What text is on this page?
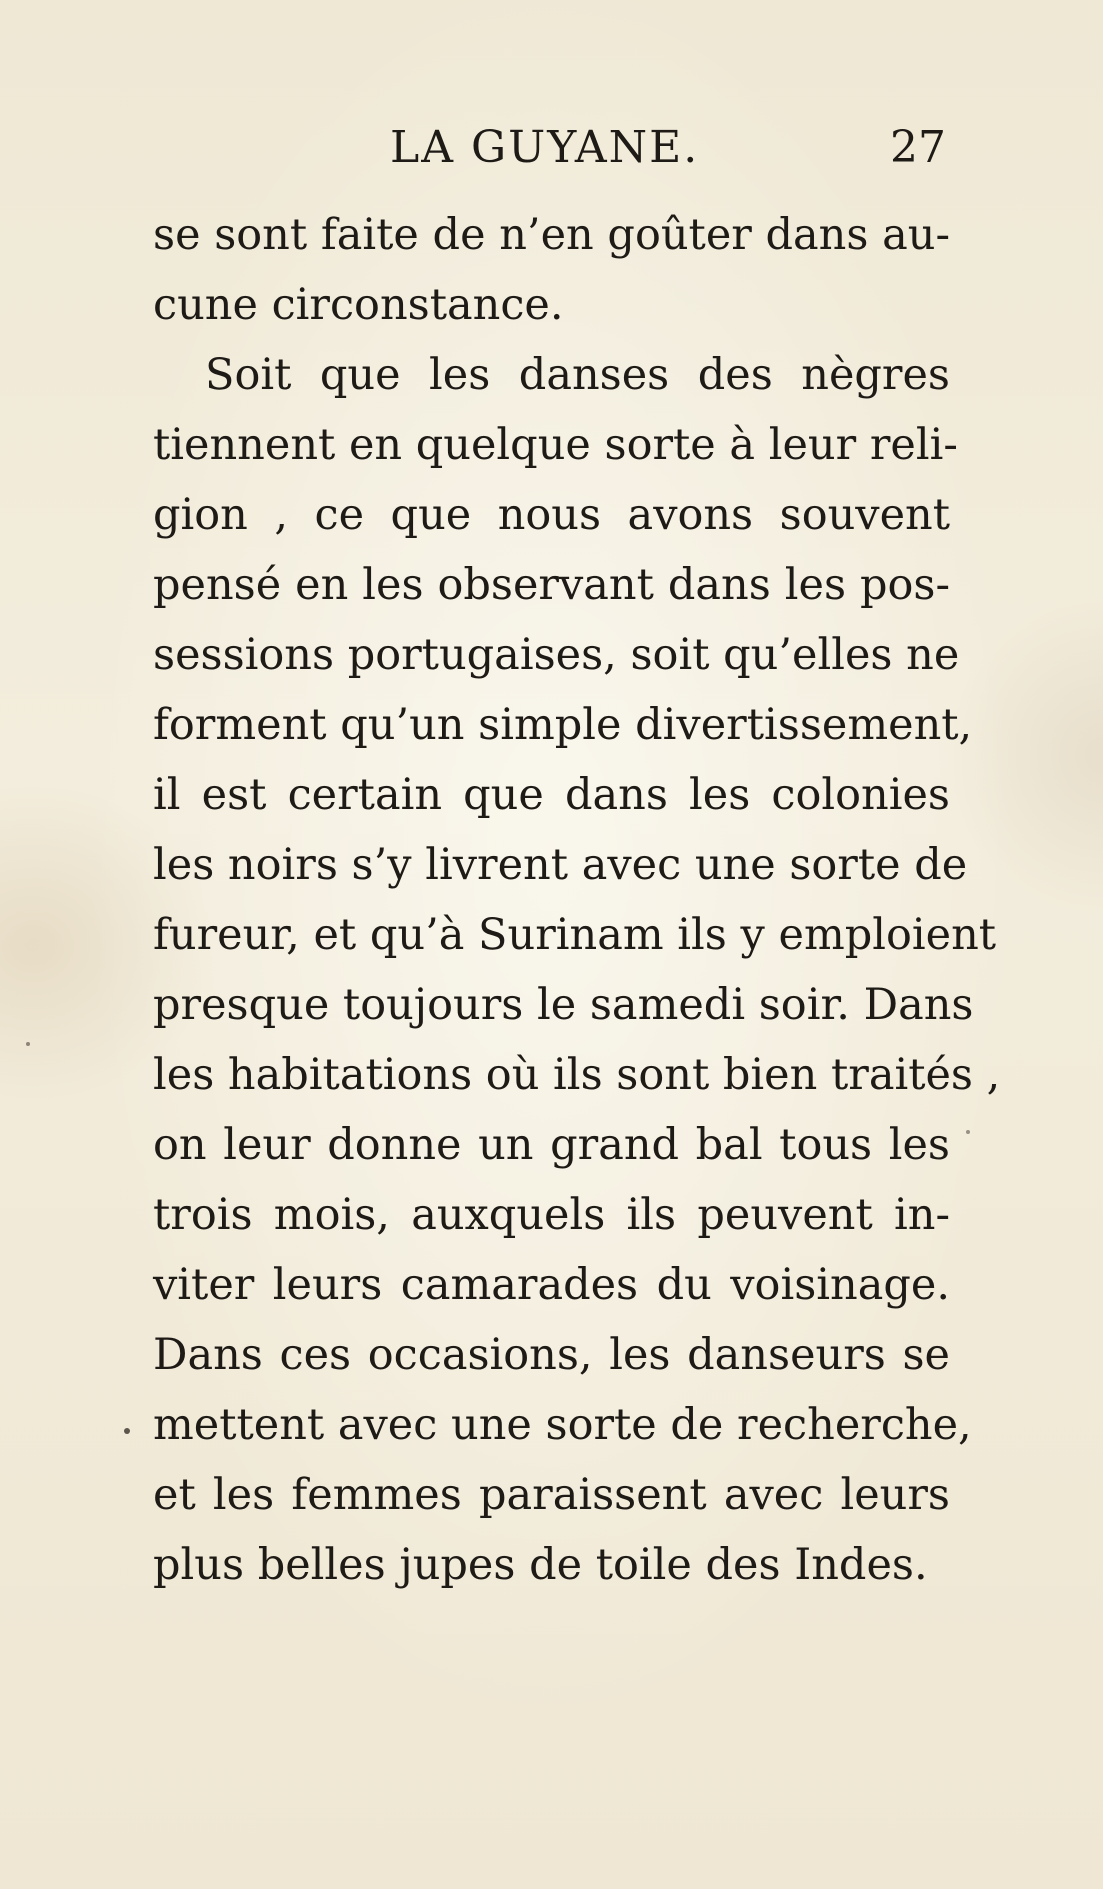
LA GUYANE.	27
se sont faite de n’en goûter dans au-
cune circonstance.
Soit que les danses des nègres
tiennent en quelque sorte à leur reli-
gion , ce que nous avons souvent
pensé en les observant dans les pos-
sessions portugaises, soit qu’elles ne
forment qu’un simple divertissement,
il est certain que dans les colonies
les noirs s’y livrent avec une sorte de
fureur, et qu’à Surinam ils y emploient
presque toujours le samedi soir. Dans
les habitations où ils sont bien traités ,
on leur donne un grand bal tous les
trois mois, auxquels ils peuvent in-
viter leurs camarades du voisinage.
Dans ces occasions, les danseurs se
mettent avec une sorte de recherche,
et les femmes paraissent avec leurs
plus belles jupes de toile des Indes.
